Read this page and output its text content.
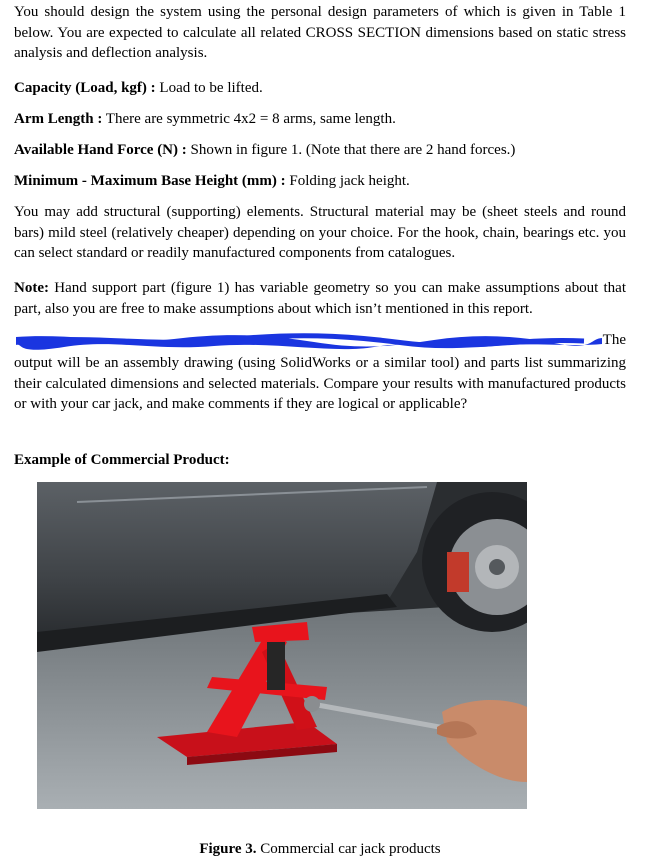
You should design the system using the personal design parameters of which is given in Table 1 below. You are expected to calculate all related CROSS SECTION dimensions based on static stress analysis and deflection analysis.

Capacity (Load, kgf) : Load to be lifted.

Arm Length : There are symmetric 4x2 = 8 arms, same length.

Available Hand Force (N) : Shown in figure 1. (Note that there are 2 hand forces.)

Minimum - Maximum Base Height (mm) : Folding jack height.

You may add structural (supporting) elements. Structural material may be (sheet steels and round bars) mild steel (relatively cheaper) depending on your choice. For the hook, chain, bearings etc. you can select standard or readily manufactured components from catalogues.

Note: Hand support part (figure 1) has variable geometry so you can make assumptions about that part, also you are free to make assumptions about which isn’t mentioned in this report.

The

output will be an assembly drawing (using SolidWorks or a similar tool) and parts list summarizing their calculated dimensions and selected materials. Compare your results with manufactured products or with your car jack, and make comments if they are logical or applicable?

Example of Commercial Product:

Figure 3. Commercial car jack products
